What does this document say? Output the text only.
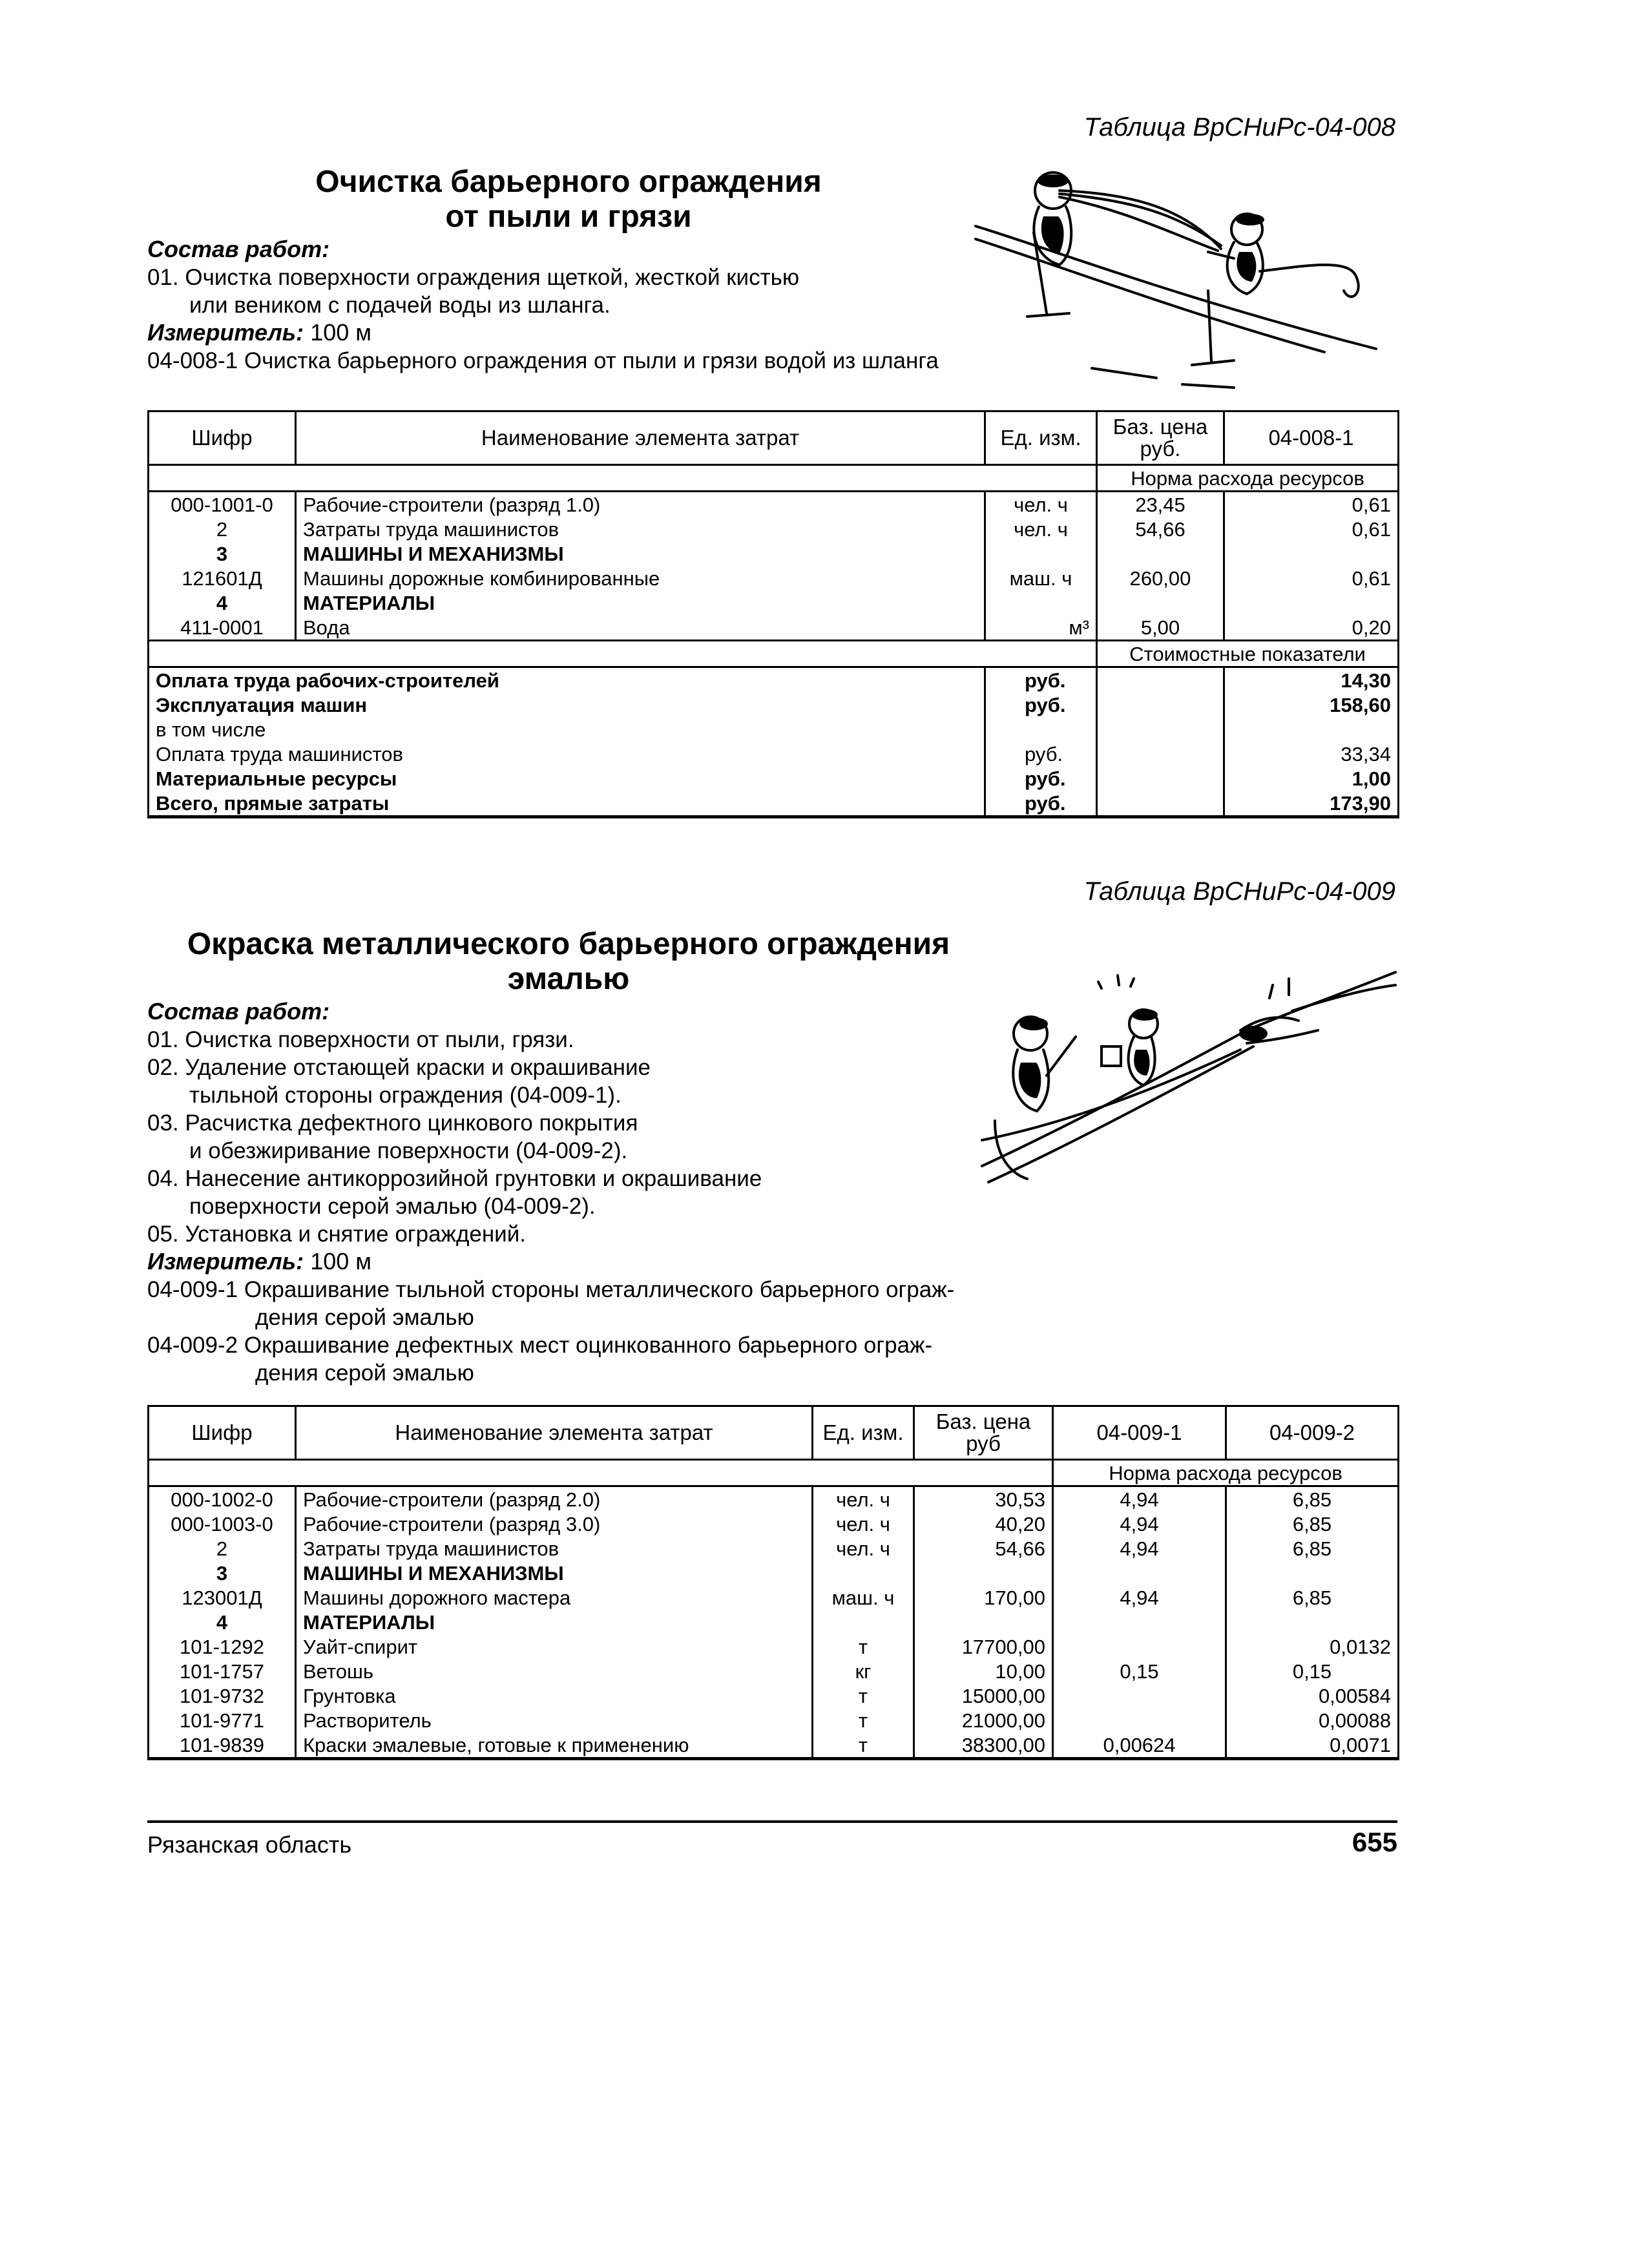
Таблица ВрСНиРс-04-008
Очистка барьерного ограждения
от пыли и грязи
Состав работ:
01. Очистка поверхности ограждения щеткой, жесткой кистью
или веником с подачей воды из шланга.
Измеритель: 100 м
04-008-1 Очистка барьерного ограждения от пыли и грязи водой из шланга
Шифр	Наименование элемента затрат	Ед. изм.	Баз. цена руб.	04-008-1
			Норма расхода ресурсов	
000-1001-0	Рабочие-строители (разряд 1.0)	чел. ч	23,45	0,61
2	Затраты труда машинистов	чел. ч	54,66	0,61
3	МАШИНЫ И МЕХАНИЗМЫ			
121601Д	Машины дорожные комбинированные	маш. ч	260,00	0,61
4	МАТЕРИАЛЫ			
411-0001	Вода	м³	5,00	0,20
			Стоимостные показатели	
Оплата труда рабочих-строителей		руб.		14,30
Эксплуатация машин		руб.		158,60
в том числе				
Оплата труда машинистов		руб.		33,34
Материальные ресурсы		руб.		1,00
Всего, прямые затраты		руб.		173,90
Таблица ВрСНиРс-04-009
Окраска металлического барьерного ограждения
эмалью
Состав работ:
01. Очистка поверхности от пыли, грязи.
02. Удаление отстающей краски и окрашивание
тыльной стороны ограждения (04-009-1).
03. Расчистка дефектного цинкового покрытия
и обезжиривание поверхности (04-009-2).
04. Нанесение антикоррозийной грунтовки и окрашивание
поверхности серой эмалью (04-009-2).
05. Установка и снятие ограждений.
Измеритель: 100 м
04-009-1 Окрашивание тыльной стороны металлического барьерного ограж-
дения серой эмалью
04-009-2 Окрашивание дефектных мест оцинкованного барьерного ограж-
дения серой эмалью
Шифр	Наименование элемента затрат	Ед. изм.	Баз. цена руб	04-009-1	04-009-2
				Норма расхода ресурсов	
000-1002-0	Рабочие-строители (разряд 2.0)	чел. ч	30,53	4,94	6,85
000-1003-0	Рабочие-строители (разряд 3.0)	чел. ч	40,20	4,94	6,85
2	Затраты труда машинистов	чел. ч	54,66	4,94	6,85
3	МАШИНЫ И МЕХАНИЗМЫ				
123001Д	Машины дорожного мастера	маш. ч	170,00	4,94	6,85
4	МАТЕРИАЛЫ				
101-1292	Уайт-спирит	т	17700,00		0,0132
101-1757	Ветошь	кг	10,00	0,15	0,15
101-9732	Грунтовка	т	15000,00		0,00584
101-9771	Растворитель	т	21000,00		0,00088
101-9839	Краски эмалевые, готовые к применению	т	38300,00	0,00624	0,0071
Рязанская область	655
